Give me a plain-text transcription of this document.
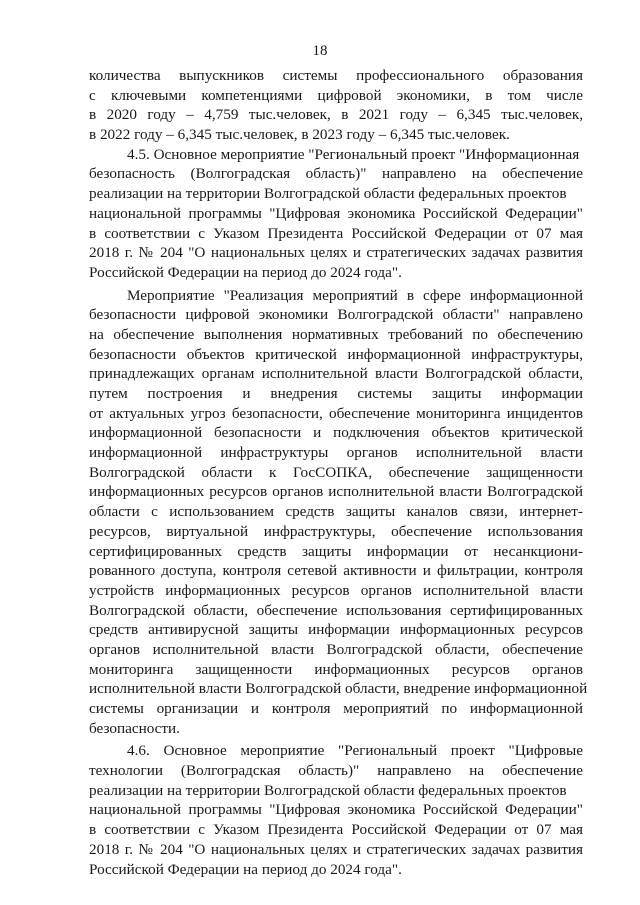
18
количества выпускников системы профессионального образования
с ключевыми компетенциями цифровой экономики, в том числе
в 2020 году – 4,759 тыс.человек, в 2021 году – 6,345 тыс.человек,
в 2022 году – 6,345 тыс.человек, в 2023 году – 6,345 тыс.человек.
4.5. Основное мероприятие "Региональный проект "Информационная
безопасность (Волгоградская область)" направлено на обеспечение
реализации на территории Волгоградской области федеральных проектов
национальной программы "Цифровая экономика Российской Федерации"
в соответствии с Указом Президента Российской Федерации от 07 мая
2018 г. № 204 "О национальных целях и стратегических задачах развития
Российской Федерации на период до 2024 года".
Мероприятие "Реализация мероприятий в сфере информационной
безопасности цифровой экономики Волгоградской области" направлено
на обеспечение выполнения нормативных требований по обеспечению
безопасности объектов критической информационной инфраструктуры,
принадлежащих органам исполнительной власти Волгоградской области,
путем построения и внедрения системы защиты информации
от актуальных угроз безопасности, обеспечение мониторинга инцидентов
информационной безопасности и подключения объектов критической
информационной инфраструктуры органов исполнительной власти
Волгоградской области к ГосСОПКА, обеспечение защищенности
информационных ресурсов органов исполнительной власти Волгоградской
области с использованием средств защиты каналов связи, интернет-
ресурсов, виртуальной инфраструктуры, обеспечение использования
сертифицированных средств защиты информации от несанкциони-
рованного доступа, контроля сетевой активности и фильтрации, контроля
устройств информационных ресурсов органов исполнительной власти
Волгоградской области, обеспечение использования сертифицированных
средств антивирусной защиты информации информационных ресурсов
органов исполнительной власти Волгоградской области, обеспечение
мониторинга защищенности информационных ресурсов органов
исполнительной власти Волгоградской области, внедрение информационной
системы организации и контроля мероприятий по информационной
безопасности.
4.6. Основное мероприятие "Региональный проект "Цифровые
технологии (Волгоградская область)" направлено на обеспечение
реализации на территории Волгоградской области федеральных проектов
национальной программы "Цифровая экономика Российской Федерации"
в соответствии с Указом Президента Российской Федерации от 07 мая
2018 г. № 204 "О национальных целях и стратегических задачах развития
Российской Федерации на период до 2024 года".
